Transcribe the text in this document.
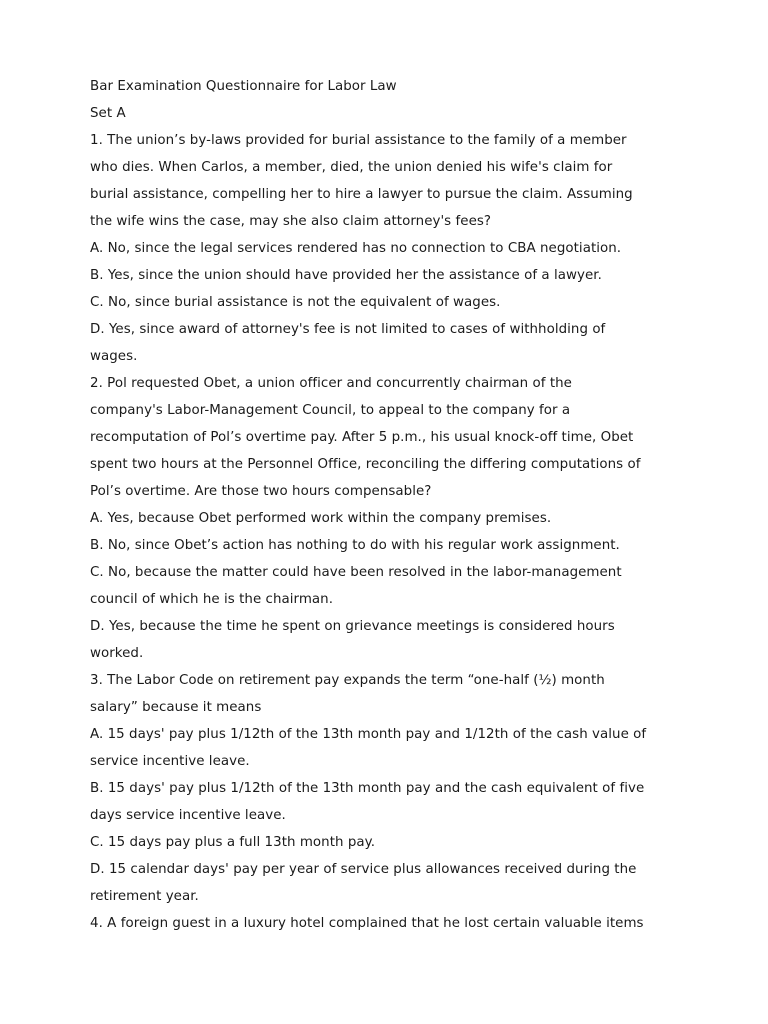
Bar Examination Questionnaire for Labor Law
Set A
1. The union’s by-laws provided for burial assistance to the family of a member
who dies. When Carlos, a member, died, the union denied his wife's claim for
burial assistance, compelling her to hire a lawyer to pursue the claim. Assuming
the wife wins the case, may she also claim attorney's fees?
A. No, since the legal services rendered has no connection to CBA negotiation.
B. Yes, since the union should have provided her the assistance of a lawyer.
C. No, since burial assistance is not the equivalent of wages.
D. Yes, since award of attorney's fee is not limited to cases of withholding of
wages.
2. Pol requested Obet, a union officer and concurrently chairman of the
company's Labor-Management Council, to appeal to the company for a
recomputation of Pol’s overtime pay. After 5 p.m., his usual knock-off time, Obet
spent two hours at the Personnel Office, reconciling the differing computations of
Pol’s overtime. Are those two hours compensable?
A. Yes, because Obet performed work within the company premises.
B. No, since Obet’s action has nothing to do with his regular work assignment.
C. No, because the matter could have been resolved in the labor-management
council of which he is the chairman.
D. Yes, because the time he spent on grievance meetings is considered hours
worked.
3. The Labor Code on retirement pay expands the term “one-half (½) month
salary” because it means
A. 15 days' pay plus 1/12th of the 13th month pay and 1/12th of the cash value of
service incentive leave.
B. 15 days' pay plus 1/12th of the 13th month pay and the cash equivalent of five
days service incentive leave.
C. 15 days pay plus a full 13th month pay.
D. 15 calendar days' pay per year of service plus allowances received during the
retirement year.
4. A foreign guest in a luxury hotel complained that he lost certain valuable items
